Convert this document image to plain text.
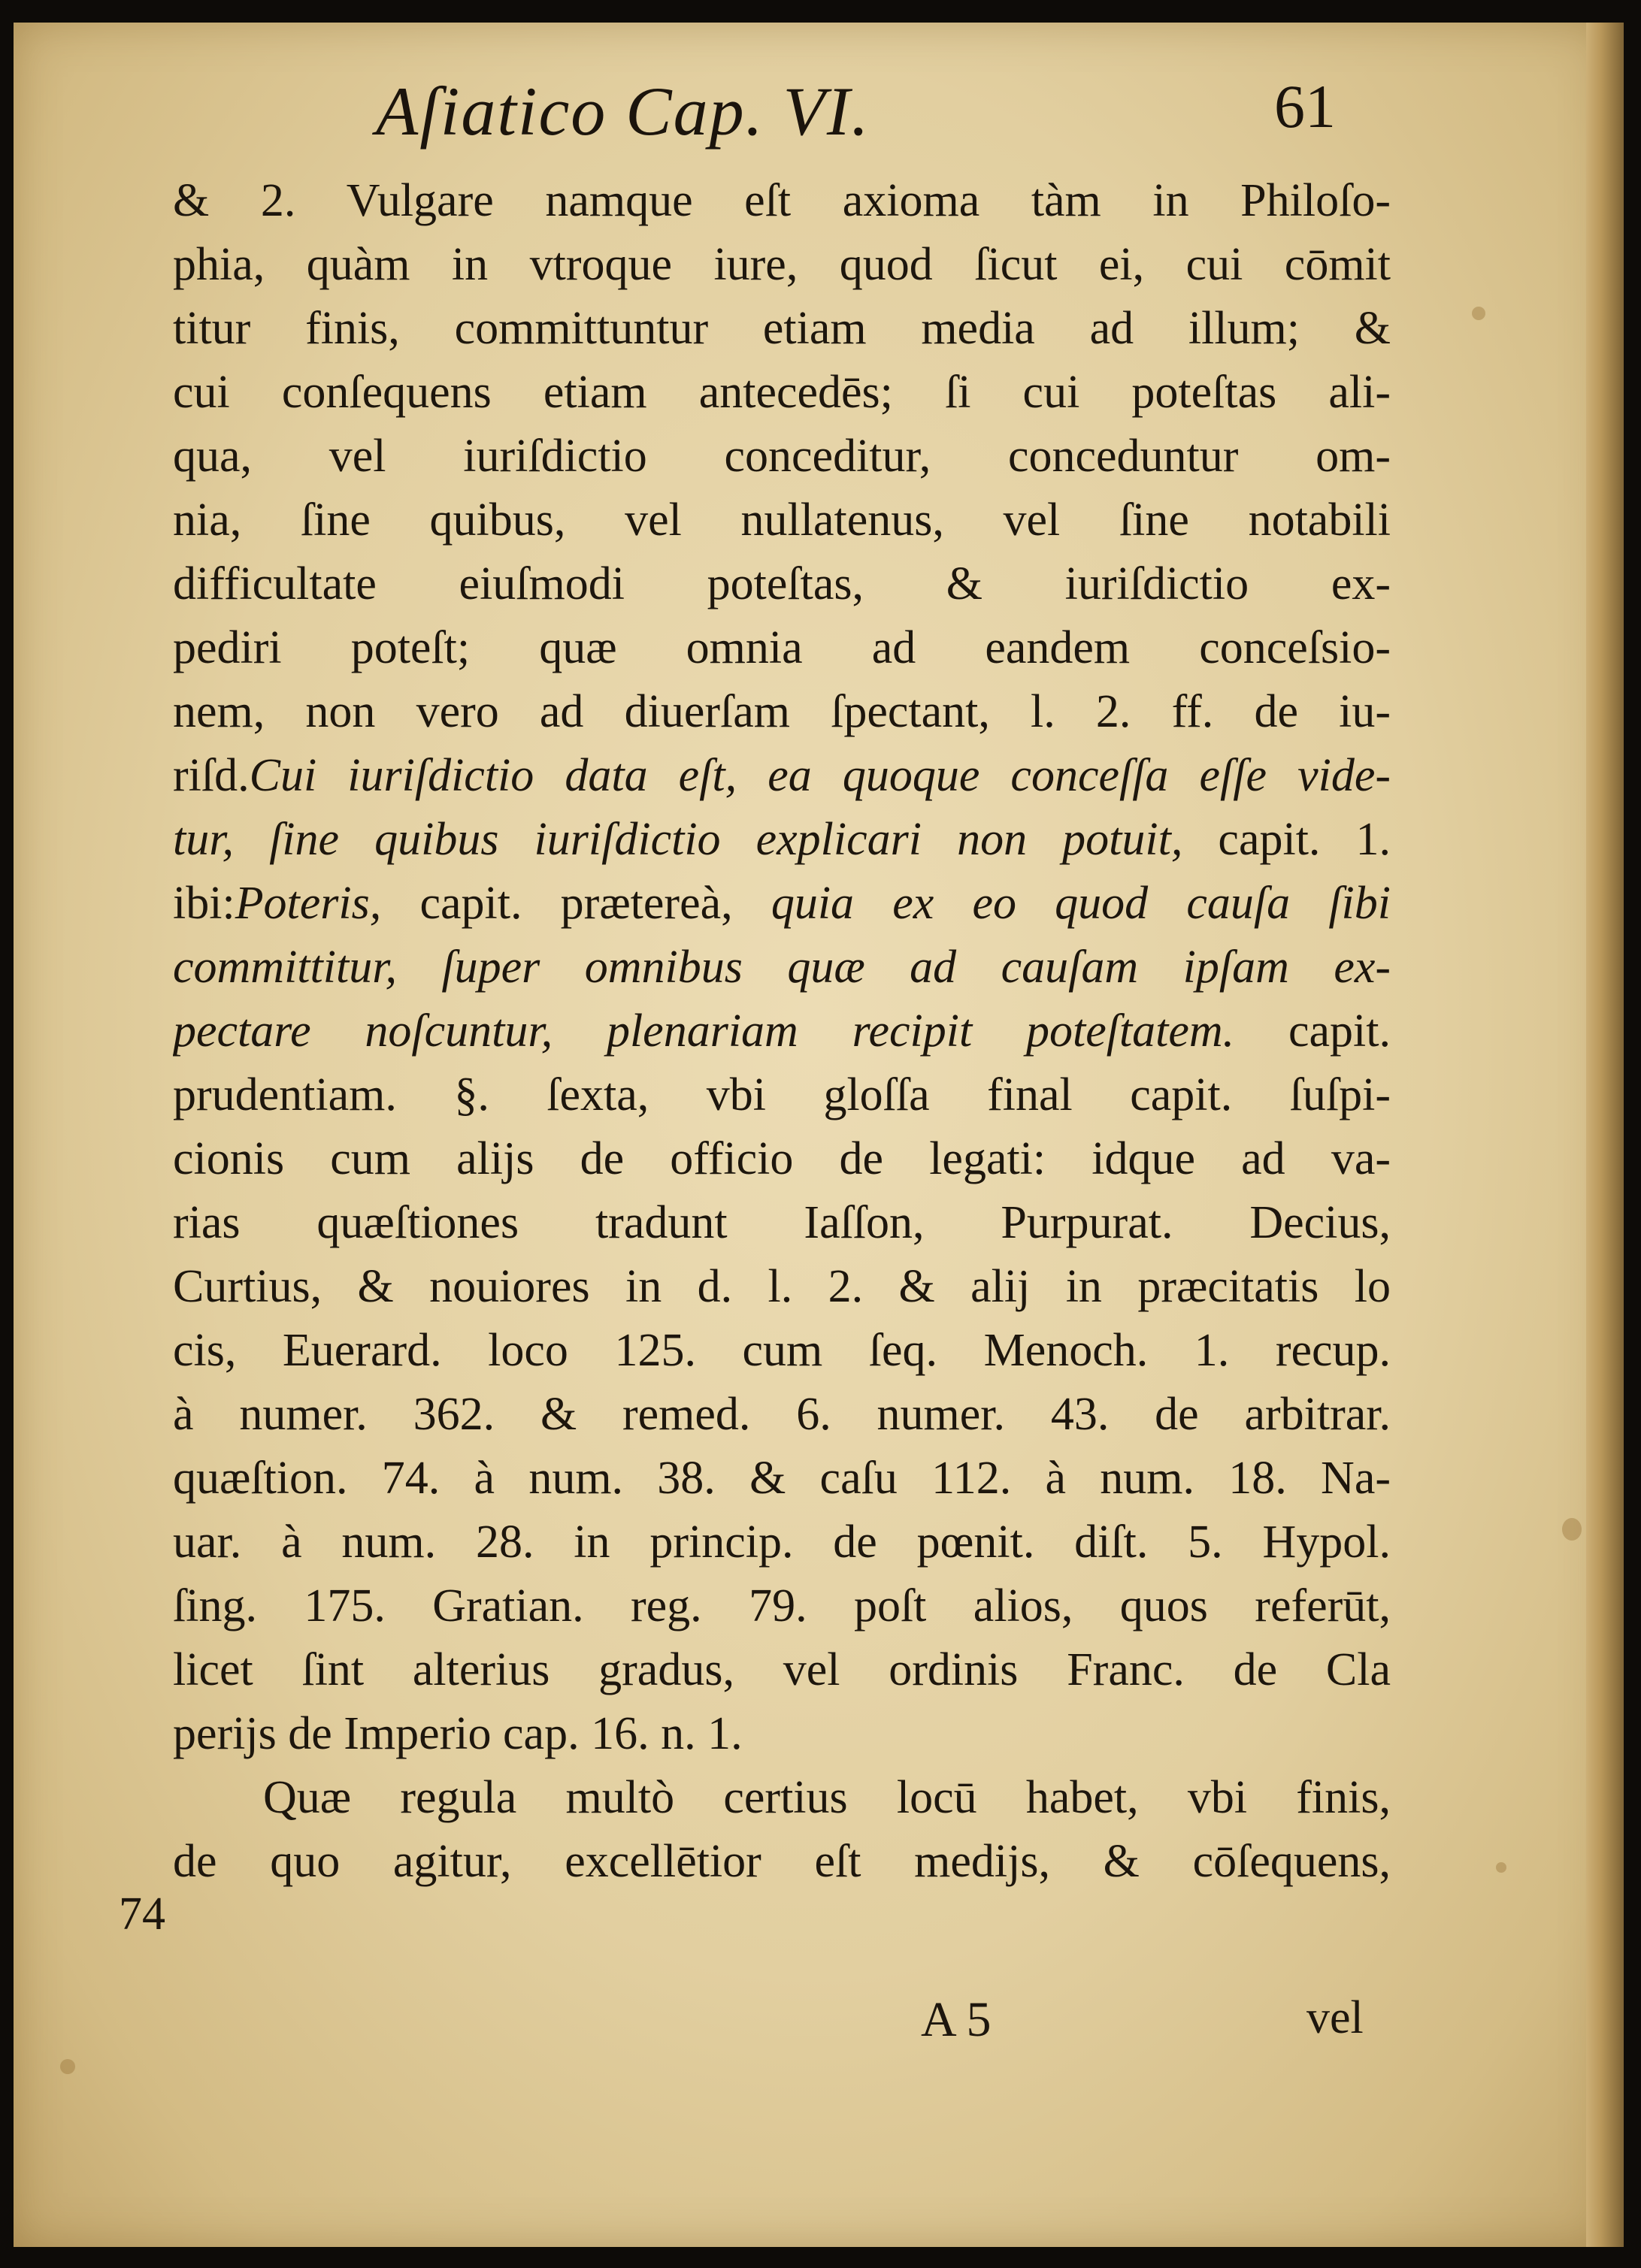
Aſiatico Cap. VI.	61
& 2. Vulgare namque eſt axioma tàm in Philoſo-
phia, quàm in vtroque iure, quod ſicut ei, cui cōmit
titur finis, committuntur etiam media ad illum; &
cui conſequens etiam antecedēs; ſi cui poteſtas ali-
qua, vel iuriſdictio conceditur, conceduntur om-
nia, ſine quibus, vel nullatenus, vel ſine notabili
difficultate eiuſmodi poteſtas, & iuriſdictio ex-
pediri poteſt; quæ omnia ad eandem conceſsio-
nem, non vero ad diuerſam ſpectant, l. 2. ff. de iu-
riſd.Cui iuriſdictio data eſt, ea quoque conceſſa eſſe vide-
tur, ſine quibus iuriſdictio explicari non potuit, capit. 1.
ibi:Poteris, capit. prætereà, quia ex eo quod cauſa ſibi
committitur, ſuper omnibus quæ ad cauſam ipſam ex-
pectare noſcuntur, plenariam recipit poteſtatem. capit.
prudentiam. §. ſexta, vbi gloſſa final capit. ſuſpi-
cionis cum alijs de officio de legati: idque ad va-
rias quæſtiones tradunt Iaſſon, Purpurat. Decius,
Curtius, & nouiores in d. l. 2. & alij in præcitatis lo
cis, Euerard. loco 125. cum ſeq. Menoch. 1. recup.
à numer. 362. & remed. 6. numer. 43. de arbitrar.
quæſtion. 74. à num. 38. & caſu 112. à num. 18. Na-
uar. à num. 28. in princip. de pœnit. diſt. 5. Hypol.
ſing. 175. Gratian. reg. 79. poſt alios, quos referūt,
licet ſint alterius gradus, vel ordinis Franc. de Cla
perijs de Imperio cap. 16. n. 1.
Quæ regula multò certius locū habet, vbi finis,
de quo agitur, excellētior eſt medijs, & cōſequens,
74
A 5	vel
